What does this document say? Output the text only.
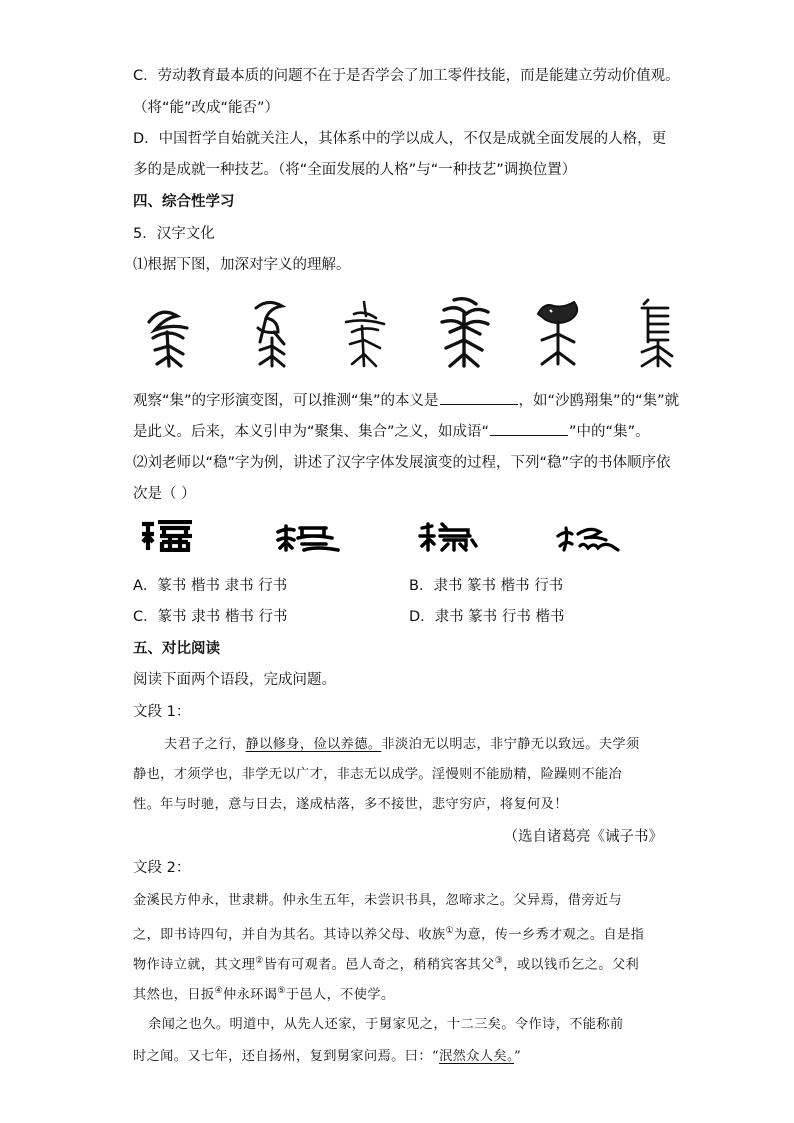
C．劳动教育最本质的问题不在于是否学会了加工零件技能，而是能建立劳动价值观。
（将“能”改成“能否”）
D．中国哲学自始就关注人，其体系中的学以成人，不仅是成就全面发展的人格，更
多的是成就一种技艺。（将“全面发展的人格”与“一种技艺”调换位置）
四、综合性学习
5．汉字文化
⑴根据下图，加深对字义的理解。
观察“集”的字形演变图，可以推测“集”的本义是	，如“沙鸥翔集”的“集”就
是此义。后来，本义引申为“聚集、集合”之义，如成语“	”中的“集”。
⑵刘老师以“稳”字为例，讲述了汉字字体发展演变的过程，下列“稳”字的书体顺序依
次是（ ）
A．篆书 楷书 隶书 行书	B．隶书 篆书 楷书 行书
C．篆书 隶书 楷书 行书	D．隶书 篆书 行书 楷书
五、对比阅读
阅读下面两个语段，完成问题。
文段 1：
夫君子之行，静以修身，俭以养德。非淡泊无以明志，非宁静无以致远。夫学须
静也，才须学也，非学无以广才，非志无以成学。淫慢则不能励精，险躁则不能冶
性。年与时驰，意与日去，遂成枯落，多不接世，悲守穷庐，将复何及！
（选自诸葛亮《诫子书》
文段 2：
金溪民方仲永，世隶耕。仲永生五年，未尝识书具，忽啼求之。父异焉，借旁近与
之，即书诗四句，并自为其名。其诗以养父母、收族①为意，传一乡秀才观之。自是指
物作诗立就，其文理②皆有可观者。邑人奇之，稍稍宾客其父③，或以钱币乞之。父利
其然也，日扳④仲永环谒⑤于邑人，不使学。
余闻之也久。明道中，从先人还家，于舅家见之，十二三矣。令作诗，不能称前
时之闻。又七年，还自扬州，复到舅家问焉。曰：“泯然众人矣。”
